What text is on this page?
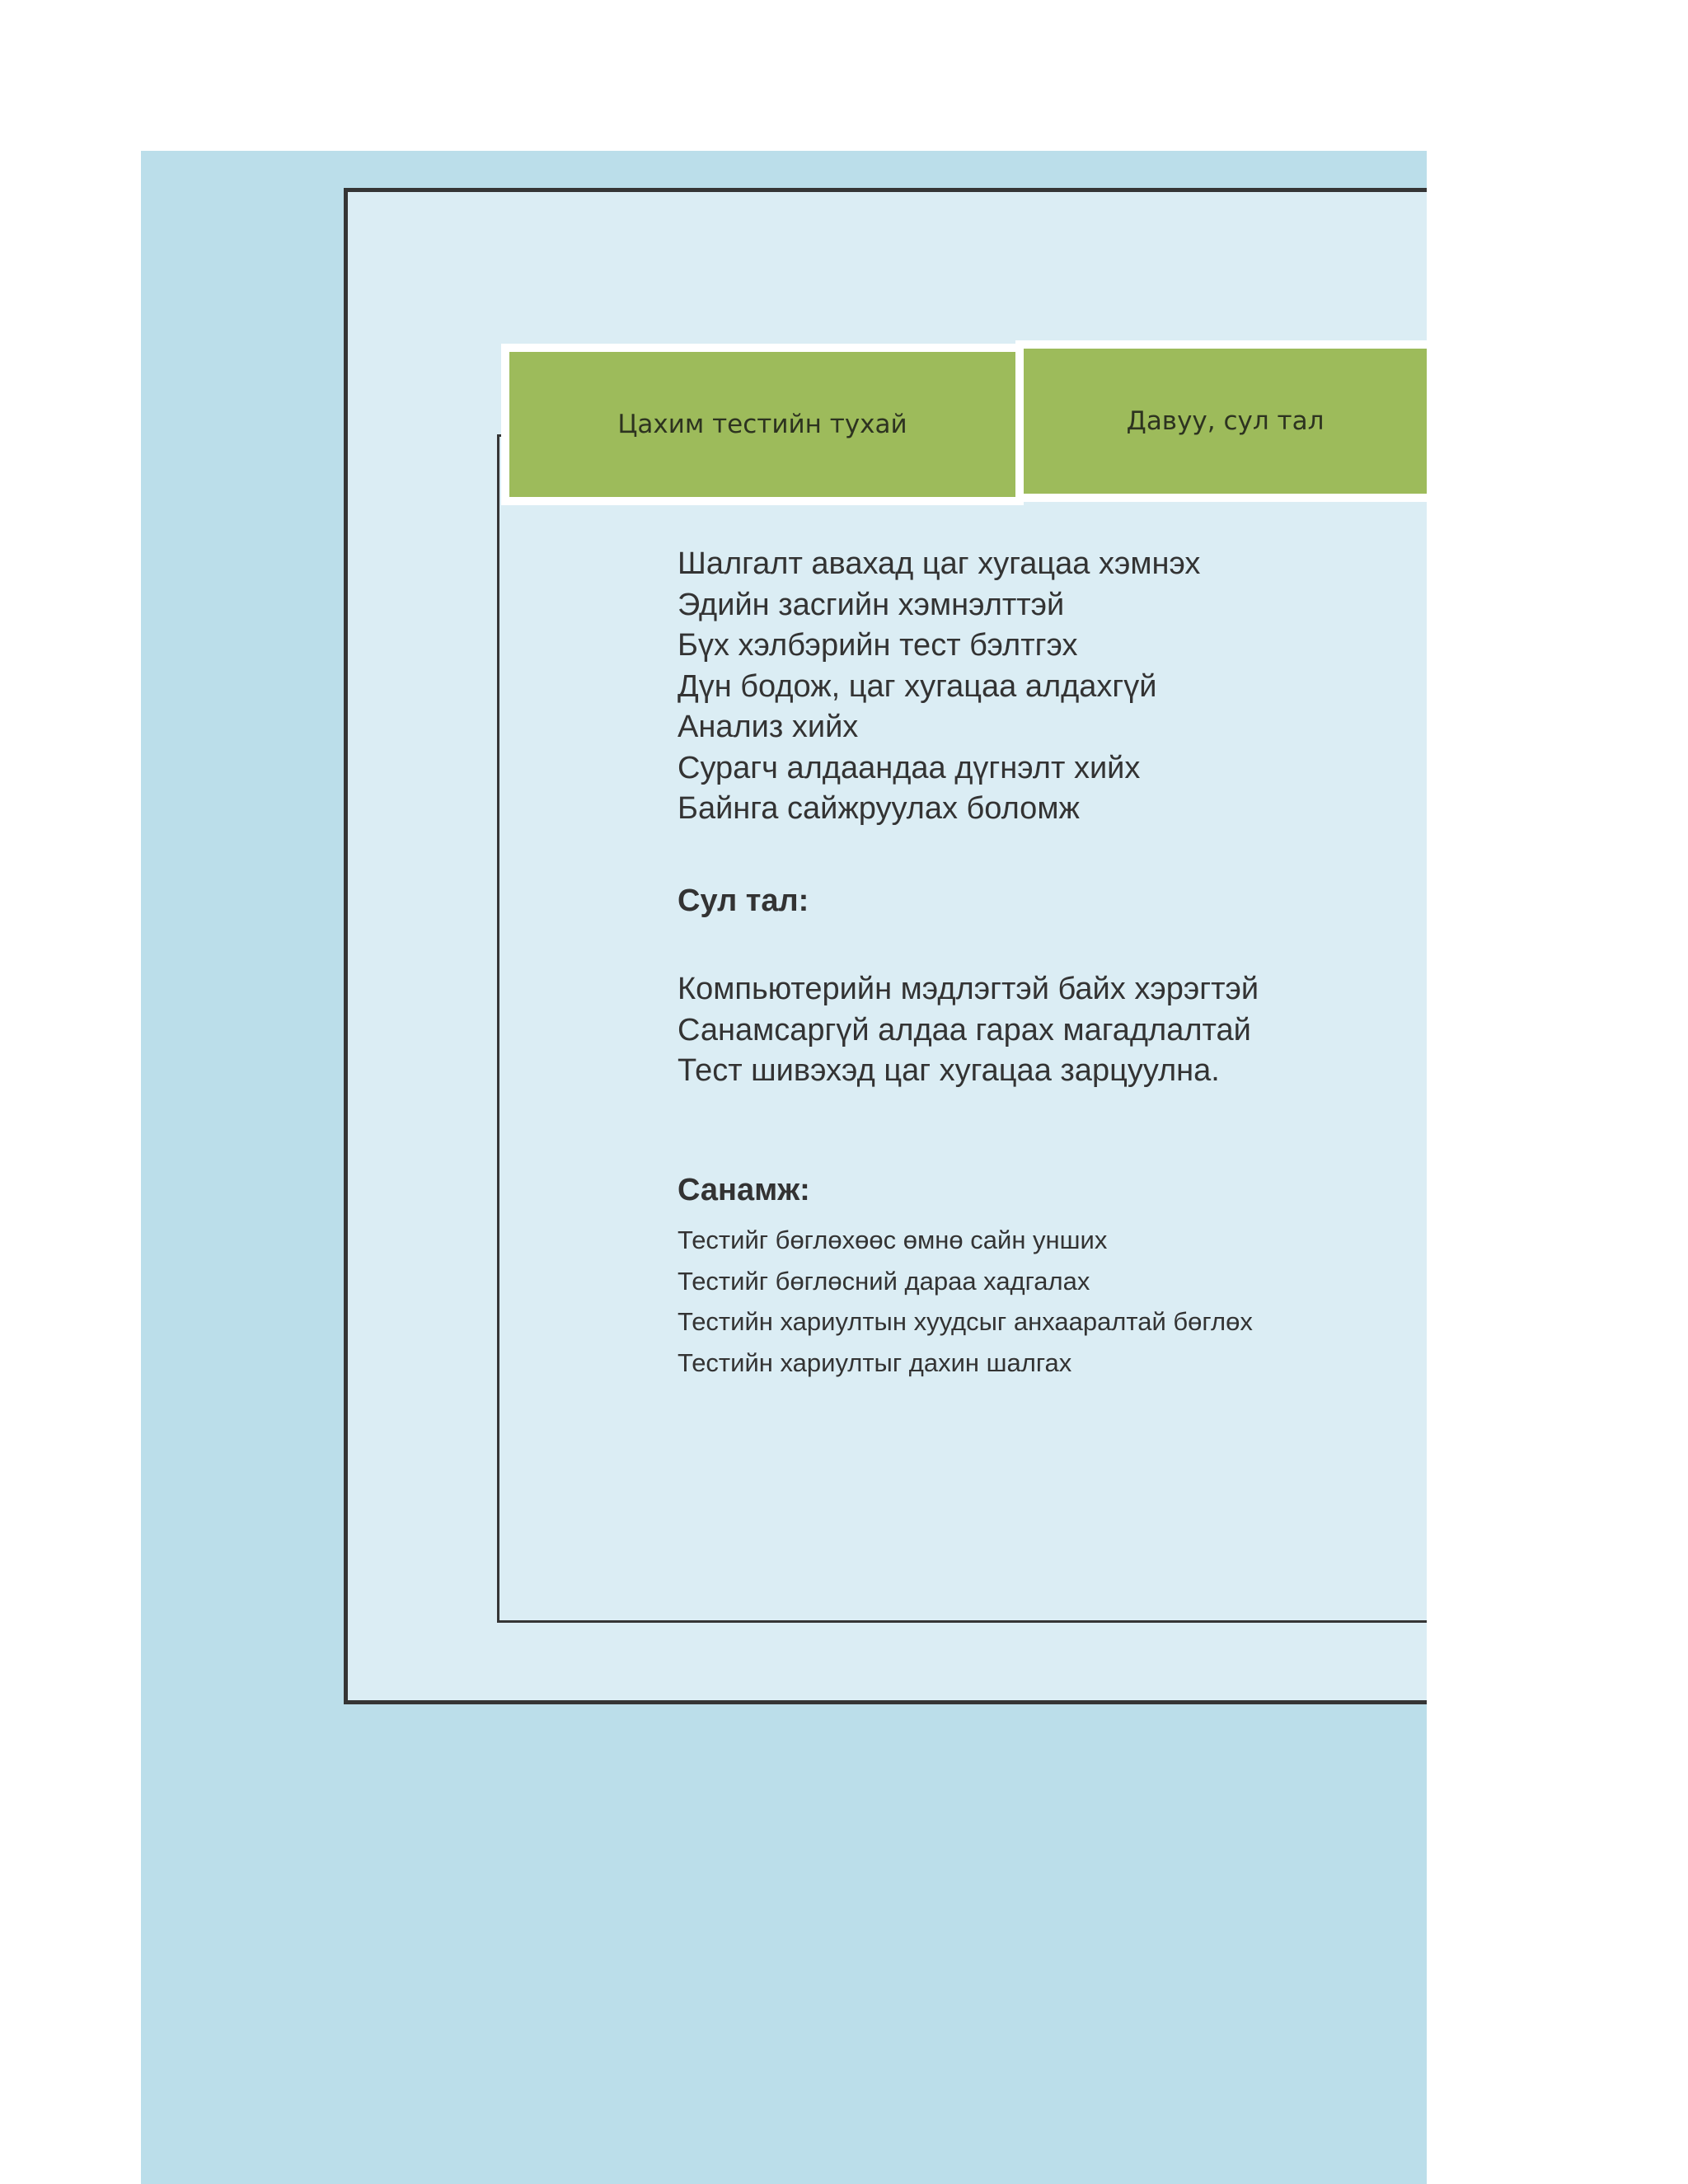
Цахим тестийн тухай	Давуу, сул тал
Шалгалт авахад цаг хугацаа хэмнэх
Эдийн засгийн хэмнэлттэй
Бүх хэлбэрийн тест бэлтгэх
Дүн бодож, цаг хугацаа алдахгүй
Анализ хийх
Сурагч алдаандаа дүгнэлт хийх
Байнга сайжруулах боломж
Сул тал:
Компьютерийн мэдлэгтэй байх хэрэгтэй
Санамсаргүй алдаа гарах магадлалтай
Тест шивэхэд цаг хугацаа зарцуулна.
Санамж:
Тестийг бөглөхөөс өмнө сайн унших
Тестийг бөглөсний дараа хадгалах
Тестийн хариултын хуудсыг анхааралтай бөглөх
Тестийн хариултыг дахин шалгах
